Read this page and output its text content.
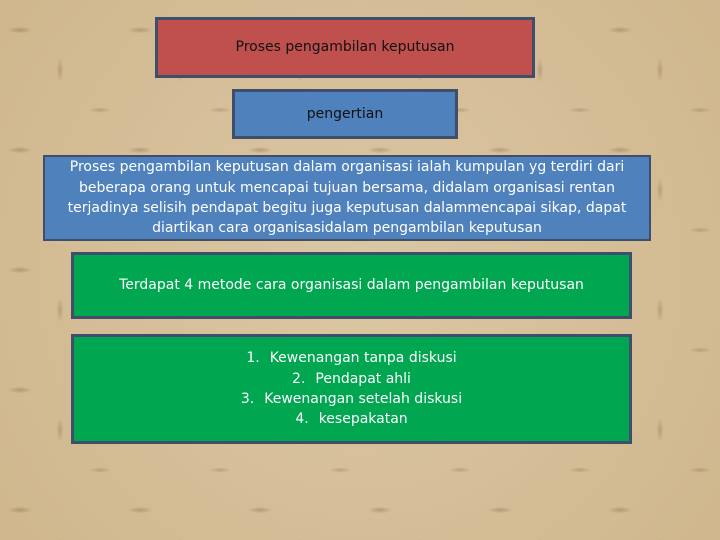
Proses pengambilan keputusan
pengertian
Proses pengambilan keputusan dalam organisasi ialah kumpulan yg terdiri dari beberapa orang untuk mencapai tujuan bersama, didalam organisasi rentan terjadinya selisih pendapat begitu juga keputusan dalammencapai sikap, dapat diartikan cara organisasidalam pengambilan keputusan
Terdapat 4 metode cara organisasi dalam pengambilan keputusan
1. Kewenangan tanpa diskusi
2. Pendapat ahli
3. Kewenangan setelah diskusi
4. kesepakatan
